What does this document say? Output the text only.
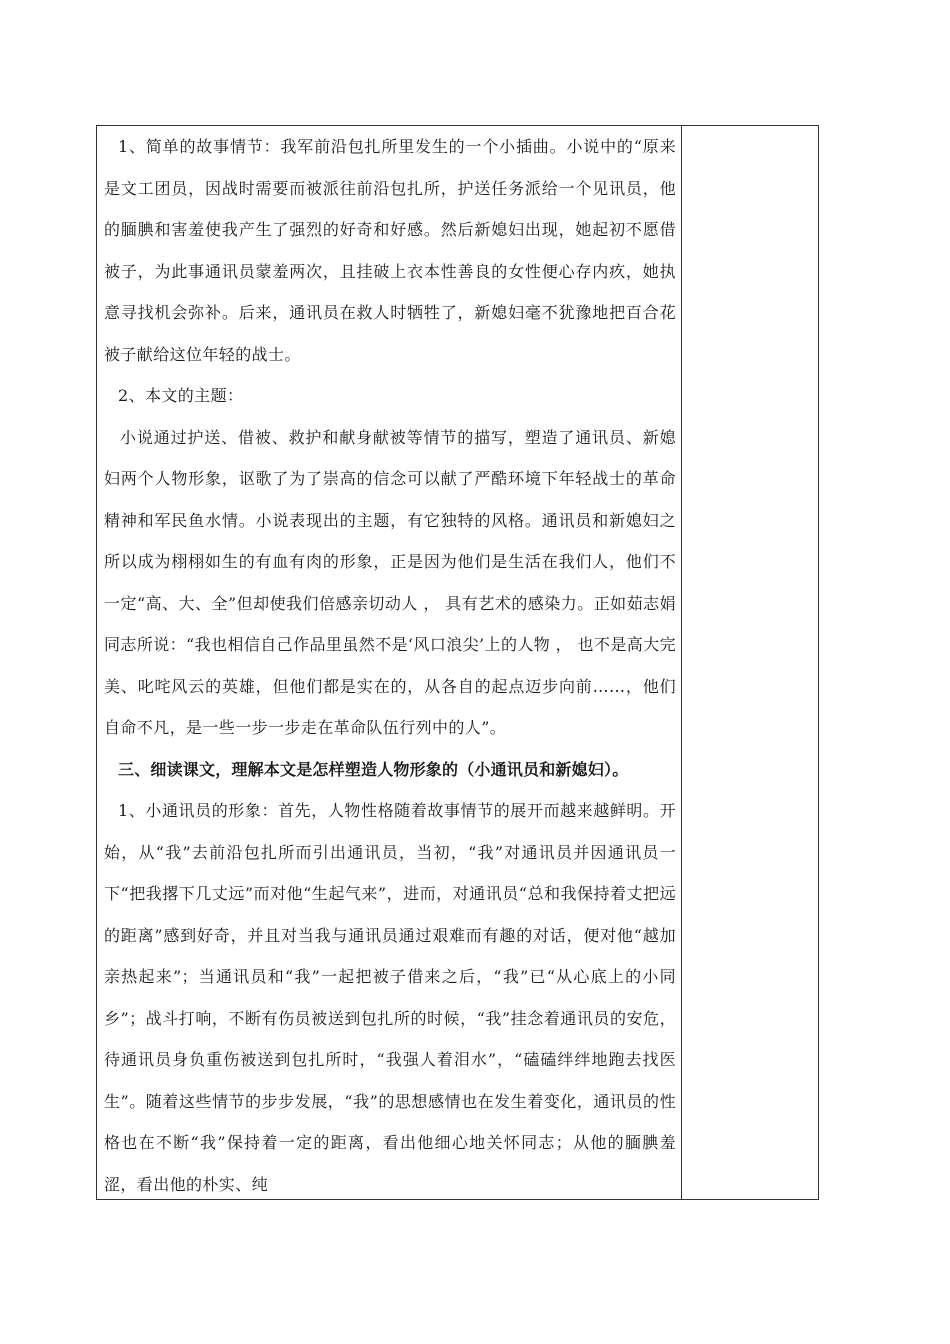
1、简单的故事情节：我军前沿包扎所里发生的一个小插曲。小说中的“原来是文工团员，因战时需要而被派往前沿包扎所，护送任务派给一个见讯员，他的腼腆和害羞使我产生了强烈的好奇和好感。然后新媳妇出现，她起初不愿借被子，为此事通讯员蒙羞两次，且挂破上衣本性善良的女性便心存内疚，她执意寻找机会弥补。后来，通讯员在救人时牺牲了，新媳妇毫不犹豫地把百合花被子献给这位年轻的战士。

2、本文的主题：

小说通过护送、借被、救护和献身献被等情节的描写，塑造了通讯员、新媳妇两个人物形象，讴歌了为了崇高的信念可以献了严酷环境下年轻战士的革命精神和军民鱼水情。小说表现出的主题，有它独特的风格。通讯员和新媳妇之所以成为栩栩如生的有血有肉的形象，正是因为他们是生活在我们人，他们不一定“高、大、全”但却使我们倍感亲切动人 ， 具有艺术的感染力。正如茹志娟同志所说：“我也相信自己作品里虽然不是‘风口浪尖’上的人物 ， 也不是高大完美、叱咤风云的英雄，但他们都是实在的，从各自的起点迈步向前……，他们自命不凡，是一些一步一步走在革命队伍行列中的人”。

三、细读课文，理解本文是怎样塑造人物形象的（小通讯员和新媳妇）。

1、小通讯员的形象：首先，人物性格随着故事情节的展开而越来越鲜明。开始，从“我”去前沿包扎所而引出通讯员，当初，“我”对通讯员并因通讯员一下“把我撂下几丈远”而对他“生起气来”，进而，对通讯员“总和我保持着丈把远的距离”感到好奇，并且对当我与通讯员通过艰难而有趣的对话，便对他“越加亲热起来”；当通讯员和“我”一起把被子借来之后，“我”已“从心底上的小同乡”；战斗打响，不断有伤员被送到包扎所的时候，“我”挂念着通讯员的安危，待通讯员身负重伤被送到包扎所时，“我强人着泪水”，“磕磕绊绊地跑去找医生”。随着这些情节的步步发展，“我”的思想感情也在发生着变化，通讯员的性格也在不断“我”保持着一定的距离，看出他细心地关怀同志；从他的腼腆羞涩，看出他的朴实、纯
